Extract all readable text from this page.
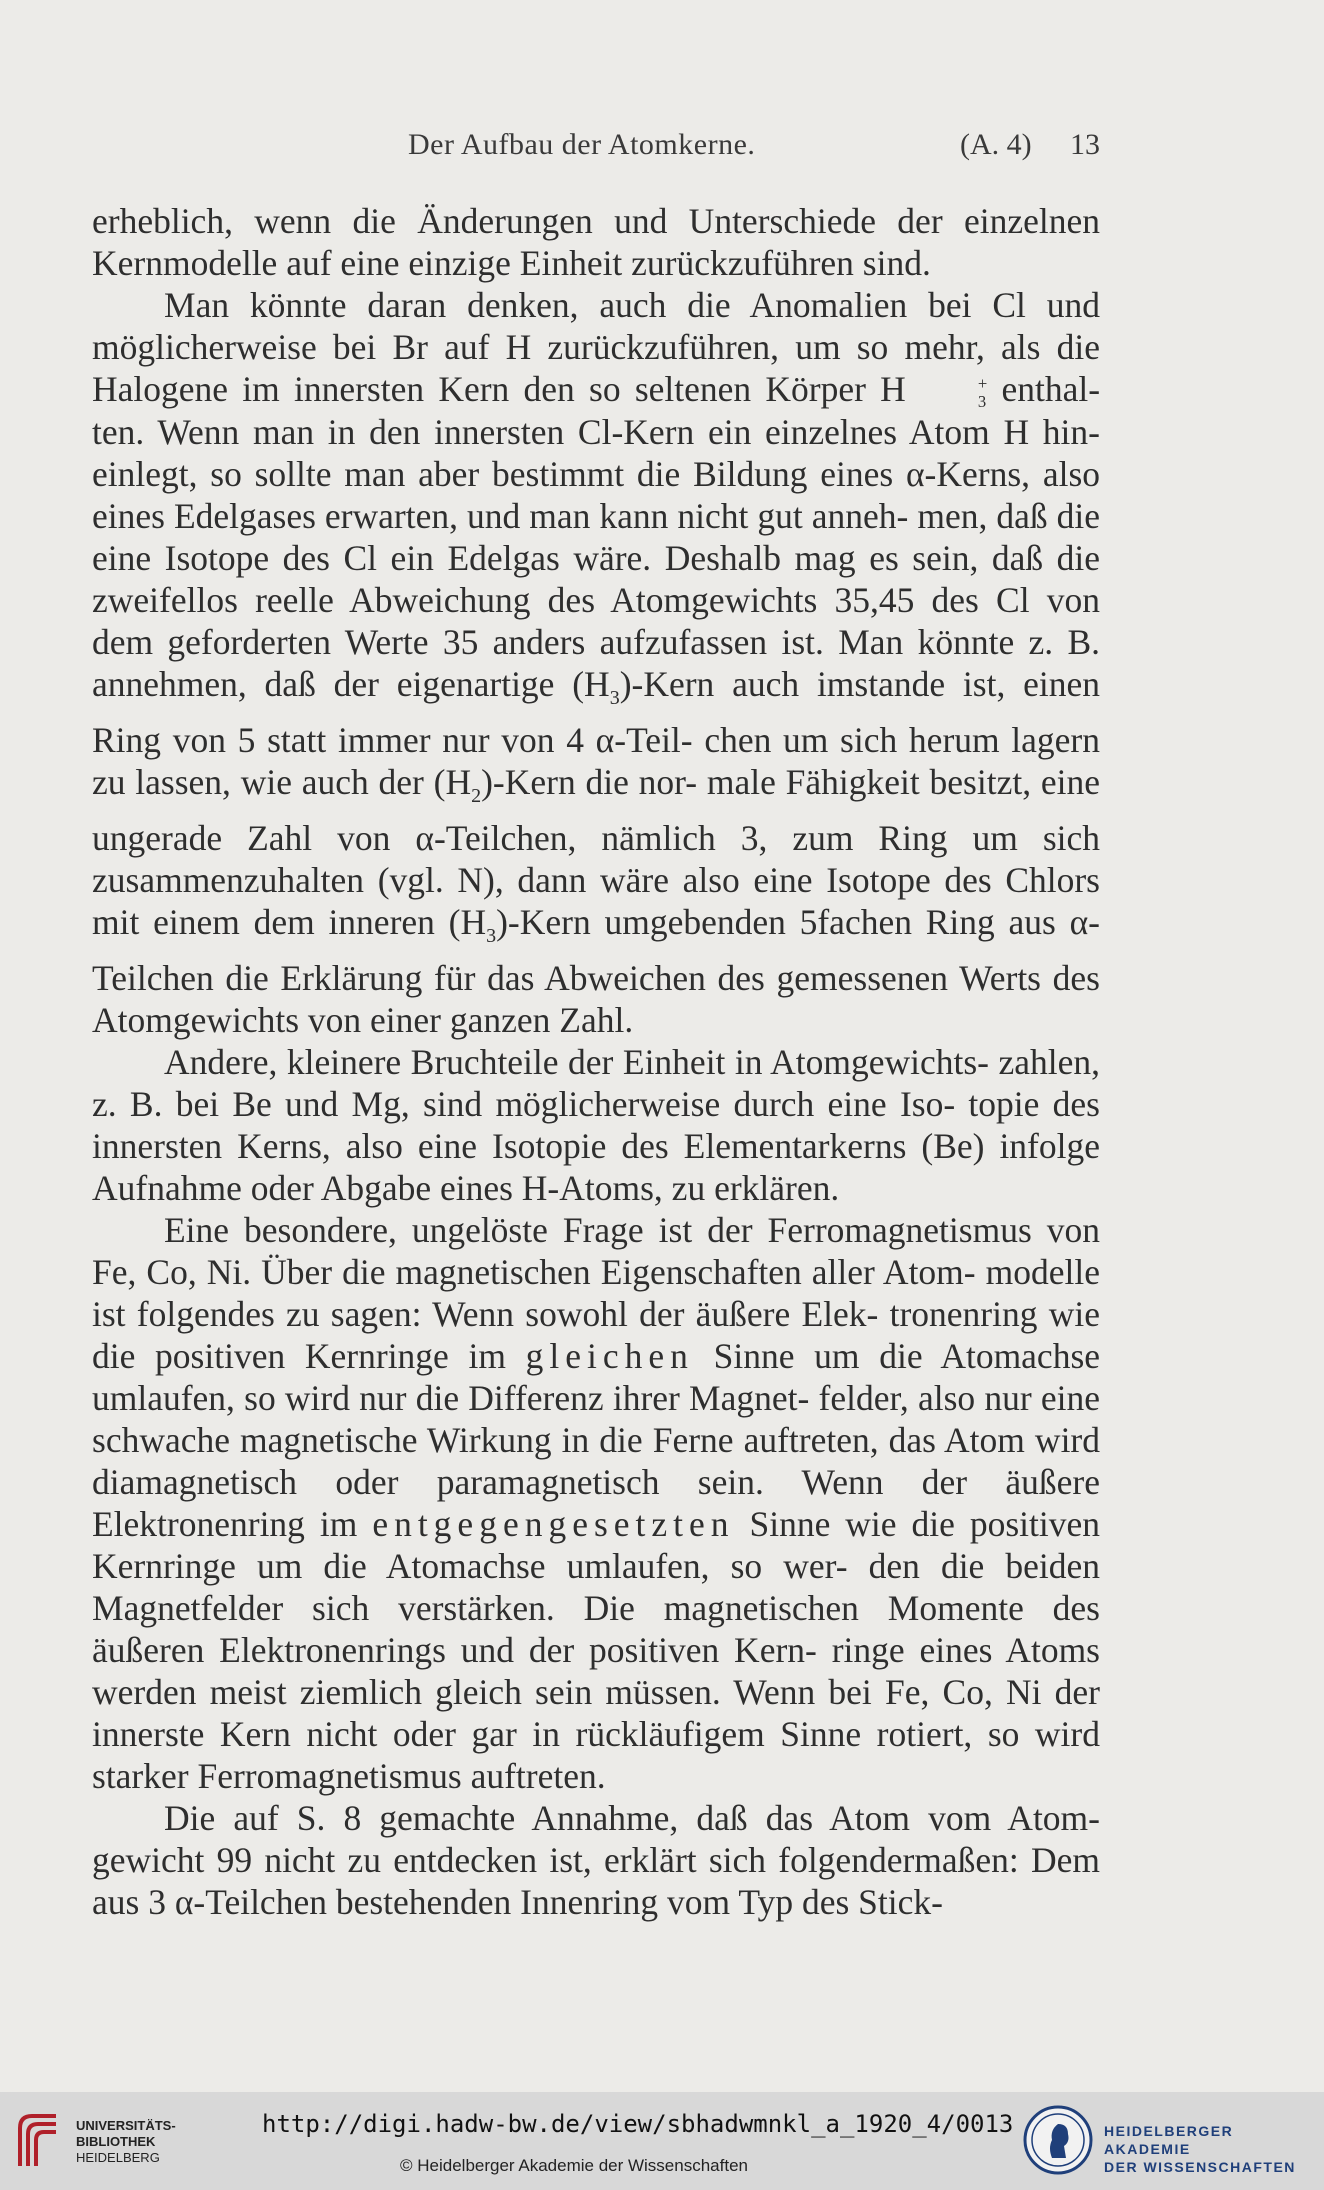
Der Aufbau der Atomkerne.	(A. 4) 13

erheblich, wenn die Änderungen und Unterschiede der einzelnen Kernmodelle auf eine einzige Einheit zurückzuführen sind.

Man könnte daran denken, auch die Anomalien bei Cl und möglicherweise bei Br auf H zurückzuführen, um so mehr, als die Halogene im innersten Kern den so seltenen Körper H	+
3 enthal- ten. Wenn man in den innersten Cl-Kern ein einzelnes Atom H hin- einlegt, so sollte man aber bestimmt die Bildung eines α-Kerns, also eines Edelgases erwarten, und man kann nicht gut anneh- men, daß die eine Isotope des Cl ein Edelgas wäre. Deshalb mag es sein, daß die zweifellos reelle Abweichung des Atomgewichts 35,45 des Cl von dem geforderten Werte 35 anders aufzufassen ist. Man könnte z. B. annehmen, daß der eigenartige $(H_3)$-Kern auch imstande ist, einen Ring von 5 statt immer nur von 4 α-Teil- chen um sich herum lagern zu lassen, wie auch der $(H_2)$-Kern die nor- male Fähigkeit besitzt, eine ungerade Zahl von α-Teilchen, nämlich 3, zum Ring um sich zusammenzuhalten (vgl. N), dann wäre also eine Isotope des Chlors mit einem dem inneren $(H_3)$-Kern umgebenden 5fachen Ring aus α-Teilchen die Erklärung für das Abweichen des gemessenen Werts des Atomgewichts von einer ganzen Zahl.

Andere, kleinere Bruchteile der Einheit in Atomgewichts- zahlen, z. B. bei Be und Mg, sind möglicherweise durch eine Iso- topie des innersten Kerns, also eine Isotopie des Elementarkerns (Be) infolge Aufnahme oder Abgabe eines H-Atoms, zu erklären.

Eine besondere, ungelöste Frage ist der Ferromagnetismus von Fe, Co, Ni. Über die magnetischen Eigenschaften aller Atom- modelle ist folgendes zu sagen: Wenn sowohl der äußere Elek- tronenring wie die positiven Kernringe im gleichen Sinne um die Atomachse umlaufen, so wird nur die Differenz ihrer Magnet- felder, also nur eine schwache magnetische Wirkung in die Ferne auftreten, das Atom wird diamagnetisch oder paramagnetisch sein. Wenn der äußere Elektronenring im entgegengesetzten Sinne wie die positiven Kernringe um die Atomachse umlaufen, so wer- den die beiden Magnetfelder sich verstärken. Die magnetischen Momente des äußeren Elektronenrings und der positiven Kern- ringe eines Atoms werden meist ziemlich gleich sein müssen. Wenn bei Fe, Co, Ni der innerste Kern nicht oder gar in rückläufigem Sinne rotiert, so wird starker Ferromagnetismus auftreten.

Die auf S. 8 gemachte Annahme, daß das Atom vom Atom- gewicht 99 nicht zu entdecken ist, erklärt sich folgendermaßen: Dem aus 3 α-Teilchen bestehenden Innenring vom Typ des Stick-

UNIVERSITÄTS-
BIBLIOTHEK
HEIDELBERG
http://digi.hadw-bw.de/view/sbhadwmnkl_a_1920_4/0013
© Heidelberger Akademie der Wissenschaften
HEIDELBERGER AKADEMIE
DER WISSENSCHAFTEN
